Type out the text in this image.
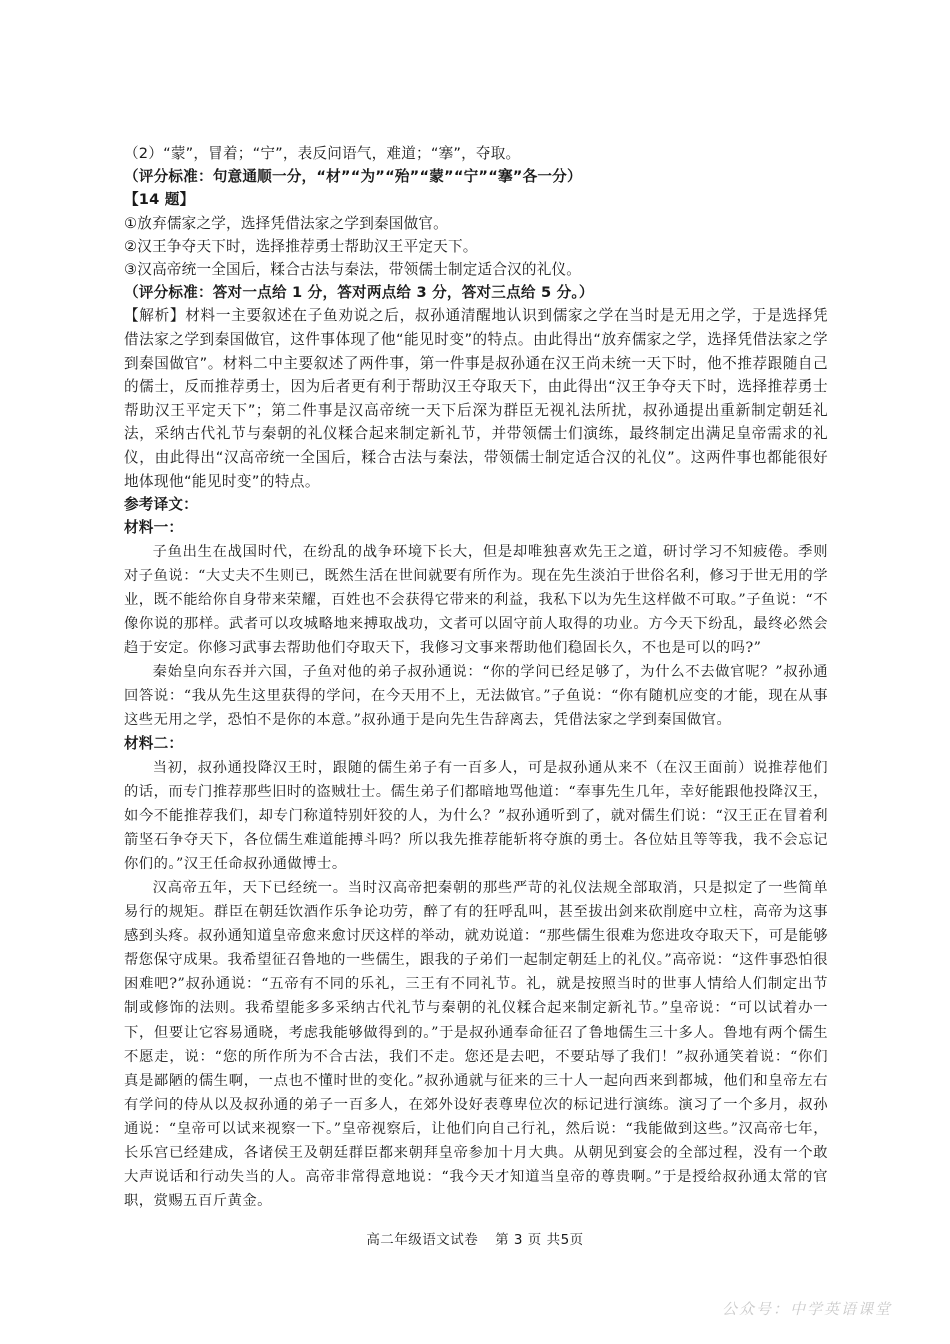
（2）“蒙”，冒着；“宁”，表反问语气，难道；“搴”，夺取。
（评分标准：句意通顺一分，“材”“为”“殆”“蒙”“宁”“搴”各一分）
【14 题】
①放弃儒家之学，选择凭借法家之学到秦国做官。
②汉王争夺天下时，选择推荐勇士帮助汉王平定天下。
③汉高帝统一全国后，糅合古法与秦法，带领儒士制定适合汉的礼仪。
（评分标准：答对一点给 1 分，答对两点给 3 分，答对三点给 5 分。）

【解析】材料一主要叙述在子鱼劝说之后，叔孙通清醒地认识到儒家之学在当时是无用之学，于是选择凭借法家之学到秦国做官，这件事体现了他“能见时变”的特点。由此得出“放弃儒家之学，选择凭借法家之学到秦国做官”。材料二中主要叙述了两件事，第一件事是叔孙通在汉王尚未统一天下时，他不推荐跟随自己的儒士，反而推荐勇士，因为后者更有利于帮助汉王夺取天下，由此得出“汉王争夺天下时，选择推荐勇士帮助汉王平定天下”；第二件事是汉高帝统一天下后深为群臣无视礼法所扰，叔孙通提出重新制定朝廷礼法，采纳古代礼节与秦朝的礼仪糅合起来制定新礼节，并带领儒士们演练，最终制定出满足皇帝需求的礼仪，由此得出“汉高帝统一全国后，糅合古法与秦法，带领儒士制定适合汉的礼仪”。这两件事也都能很好地体现他“能见时变”的特点。

参考译文：
材料一：

子鱼出生在战国时代，在纷乱的战争环境下长大，但是却唯独喜欢先王之道，研讨学习不知疲倦。季则对子鱼说：“大丈夫不生则已，既然生活在世间就要有所作为。现在先生淡泊于世俗名利，修习于世无用的学业，既不能给你自身带来荣耀，百姓也不会获得它带来的利益，我私下以为先生这样做不可取。”子鱼说：“不像你说的那样。武者可以攻城略地来搏取战功，文者可以固守前人取得的功业。方今天下纷乱，最终必然会趋于安定。你修习武事去帮助他们夺取天下，我修习文事来帮助他们稳固长久，不也是可以的吗?”

秦始皇向东吞并六国，子鱼对他的弟子叔孙通说：“你的学问已经足够了，为什么不去做官呢？”叔孙通回答说：“我从先生这里获得的学问，在今天用不上，无法做官。”子鱼说：“你有随机应变的才能，现在从事这些无用之学，恐怕不是你的本意。”叔孙通于是向先生告辞离去，凭借法家之学到秦国做官。

材料二：

当初，叔孙通投降汉王时，跟随的儒生弟子有一百多人，可是叔孙通从来不（在汉王面前）说推荐他们的话，而专门推荐那些旧时的盗贼壮士。儒生弟子们都暗地骂他道：“奉事先生几年，幸好能跟他投降汉王，如今不能推荐我们，却专门称道特别奸狡的人，为什么？”叔孙通听到了，就对儒生们说：“汉王正在冒着利箭坚石争夺天下，各位儒生难道能搏斗吗？所以我先推荐能斩将夺旗的勇士。各位姑且等等我，我不会忘记你们的。”汉王任命叔孙通做博士。

汉高帝五年，天下已经统一。当时汉高帝把秦朝的那些严苛的礼仪法规全部取消，只是拟定了一些简单易行的规矩。群臣在朝廷饮酒作乐争论功劳，醉了有的狂呼乱叫，甚至拔出剑来砍削庭中立柱，高帝为这事感到头疼。叔孙通知道皇帝愈来愈讨厌这样的举动，就劝说道：“那些儒生很难为您进攻夺取天下，可是能够帮您保守成果。我希望征召鲁地的一些儒生，跟我的子弟们一起制定朝廷上的礼仪。”高帝说：“这件事恐怕很困难吧?”叔孙通说：“五帝有不同的乐礼，三王有不同礼节。礼，就是按照当时的世事人情给人们制定出节制或修饰的法则。我希望能多多采纳古代礼节与秦朝的礼仪糅合起来制定新礼节。”皇帝说：“可以试着办一下，但要让它容易通晓，考虑我能够做得到的。”于是叔孙通奉命征召了鲁地儒生三十多人。鲁地有两个儒生不愿走，说：“您的所作所为不合古法，我们不走。您还是去吧，不要玷辱了我们！”叔孙通笑着说：“你们真是鄙陋的儒生啊，一点也不懂时世的变化。”叔孙通就与征来的三十人一起向西来到都城，他们和皇帝左右有学问的侍从以及叔孙通的弟子一百多人，在郊外设好表尊卑位次的标记进行演练。演习了一个多月，叔孙通说：“皇帝可以试来视察一下。”皇帝视察后，让他们向自己行礼，然后说：“我能做到这些。”汉高帝七年，长乐宫已经建成，各诸侯王及朝廷群臣都来朝拜皇帝参加十月大典。从朝见到宴会的全部过程，没有一个敢大声说话和行动失当的人。高帝非常得意地说：“我今天才知道当皇帝的尊贵啊。”于是授给叔孙通太常的官职，赏赐五百斤黄金。

高二年级语文试卷 第 3 页 共5页
公众号：中学英语课堂
